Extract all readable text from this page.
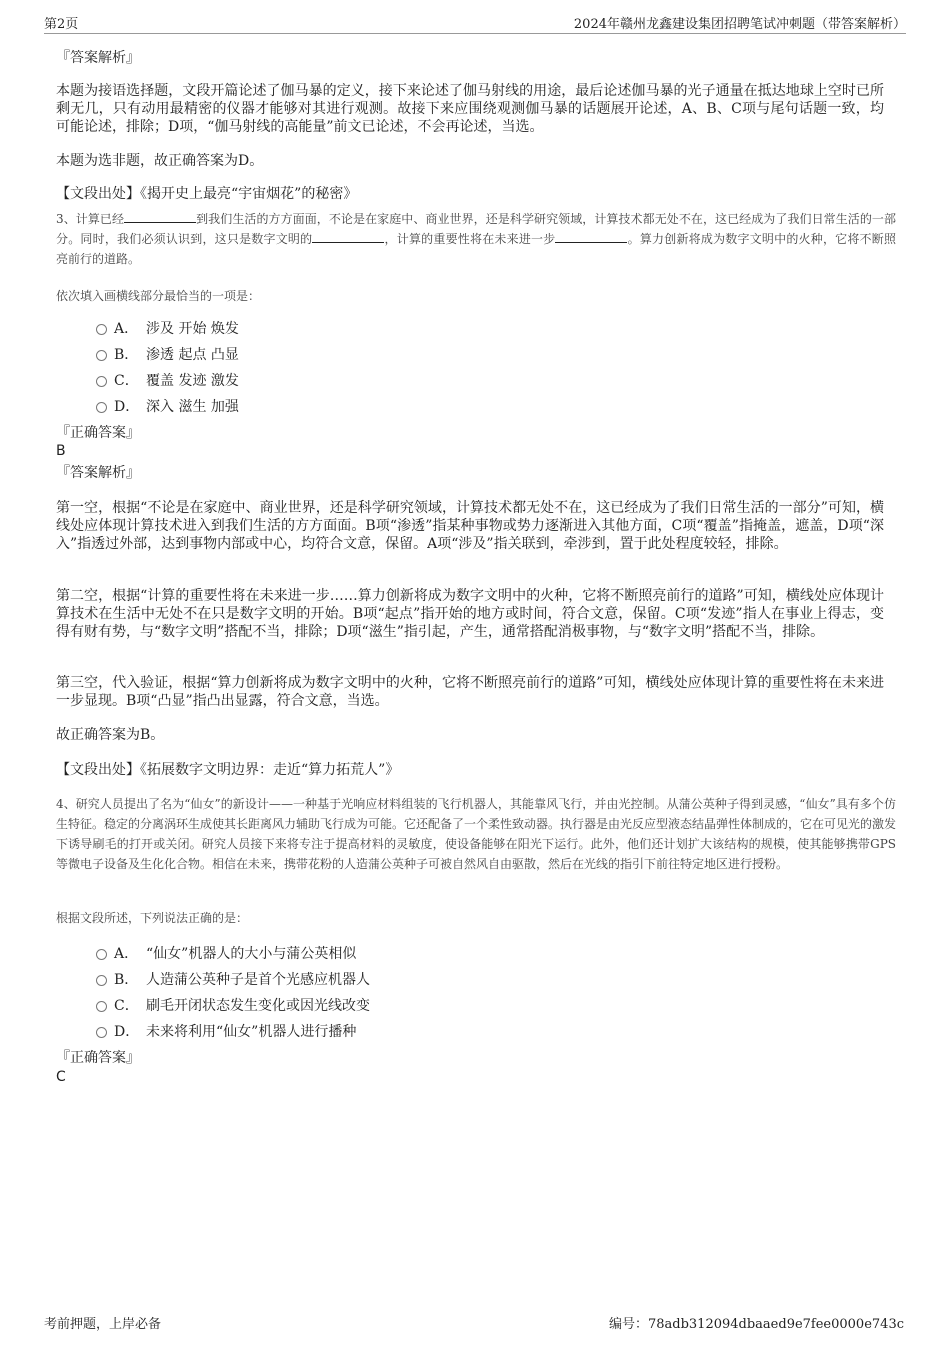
第2页	2024年赣州龙鑫建设集团招聘笔试冲刺题（带答案解析）
『答案解析』
本题为接语选择题，文段开篇论述了伽马暴的定义，接下来论述了伽马射线的用途，最后论述伽马暴的光子通量在抵达地球上空时已所剩无几，只有动用最精密的仪器才能够对其进行观测。故接下来应围绕观测伽马暴的话题展开论述，A、B、C项与尾句话题一致，均可能论述，排除；D项，“伽马射线的高能量”前文已论述，不会再论述，当选。
本题为选非题，故正确答案为D。
【文段出处】《揭开史上最亮“宇宙烟花”的秘密》
3、计算已经	到我们生活的方方面面，不论是在家庭中、商业世界，还是科学研究领域，计算技术都无处不在，这已经成为了我们日常生活的一部分。同时，我们必须认识到，这只是数字文明的	，计算的重要性将在未来进一步	。算力创新将成为数字文明中的火种，它将不断照亮前行的道路。
依次填入画横线部分最恰当的一项是：
A． 涉及 开始 焕发
B． 渗透 起点 凸显
C． 覆盖 发迹 激发
D． 深入 滋生 加强
『正确答案』
B
『答案解析』
第一空，根据“不论是在家庭中、商业世界，还是科学研究领域，计算技术都无处不在，这已经成为了我们日常生活的一部分”可知，横线处应体现计算技术进入到我们生活的方方面面。B项“渗透”指某种事物或势力逐渐进入其他方面，C项“覆盖”指掩盖，遮盖，D项“深入”指透过外部，达到事物内部或中心，均符合文意，保留。A项“涉及”指关联到，牵涉到，置于此处程度较轻，排除。
第二空，根据“计算的重要性将在未来进一步……算力创新将成为数字文明中的火种，它将不断照亮前行的道路”可知，横线处应体现计算技术在生活中无处不在只是数字文明的开始。B项“起点”指开始的地方或时间，符合文意，保留。C项“发迹”指人在事业上得志，变得有财有势，与“数字文明”搭配不当，排除；D项“滋生”指引起，产生，通常搭配消极事物，与“数字文明”搭配不当，排除。
第三空，代入验证，根据“算力创新将成为数字文明中的火种，它将不断照亮前行的道路”可知，横线处应体现计算的重要性将在未来进一步显现。B项“凸显”指凸出显露，符合文意，当选。
故正确答案为B。
【文段出处】《拓展数字文明边界：走近“算力拓荒人”》
4、研究人员提出了名为“仙女”的新设计——一种基于光响应材料组装的飞行机器人，其能靠风飞行，并由光控制。从蒲公英种子得到灵感，“仙女”具有多个仿生特征。稳定的分离涡环生成使其长距离风力辅助飞行成为可能。它还配备了一个柔性致动器。执行器是由光反应型液态结晶弹性体制成的，它在可见光的激发下诱导刷毛的打开或关闭。研究人员接下来将专注于提高材料的灵敏度，使设备能够在阳光下运行。此外，他们还计划扩大该结构的规模，使其能够携带GPS等微电子设备及生化化合物。相信在未来，携带花粉的人造蒲公英种子可被自然风自由驱散，然后在光线的指引下前往特定地区进行授粉。
根据文段所述，下列说法正确的是：
A． “仙女”机器人的大小与蒲公英相似
B． 人造蒲公英种子是首个光感应机器人
C． 刷毛开闭状态发生变化或因光线改变
D． 未来将利用“仙女”机器人进行播种
『正确答案』
C
考前押题，上岸必备	编号：78adb312094dbaaed9e7fee0000e743c
